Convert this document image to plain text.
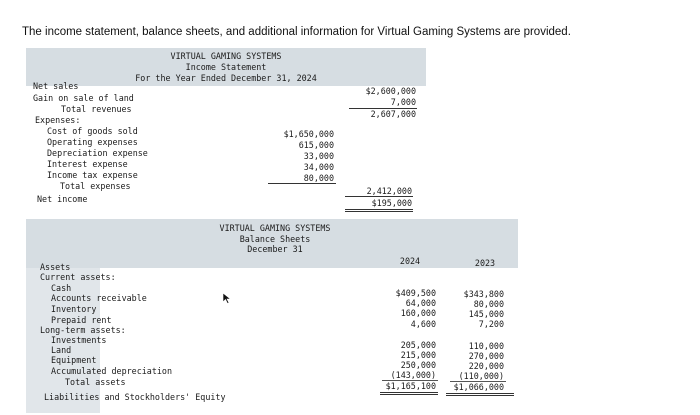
The income statement, balance sheets, and additional information for Virtual Gaming Systems are provided.
VIRTUAL GAMING SYSTEMS
Income Statement
For the Year Ended December 31, 2024
Net sales	$2,600,000
Gain on sale of land	7,000
Total revenues	2,607,000
Expenses:
Cost of goods sold	$1,650,000
Operating expenses	615,000
Depreciation expense	33,000
Interest expense	34,000
Income tax expense	80,000
Total expenses	2,412,000
Net income	$195,000
VIRTUAL GAMING SYSTEMS
Balance Sheets
December 31
2024	2023
Assets
Current assets:
Cash	$409,500	$343,800
Accounts receivable	64,000	80,000
Inventory	160,000	145,000
Prepaid rent	4,600	7,200
Long-term assets:
Investments	205,000	110,000
Land	215,000	270,000
Equipment	250,000	220,000
Accumulated depreciation	(143,000)	(110,000)
Total assets	$1,165,100	$1,066,000
Liabilities and Stockholders' Equity
